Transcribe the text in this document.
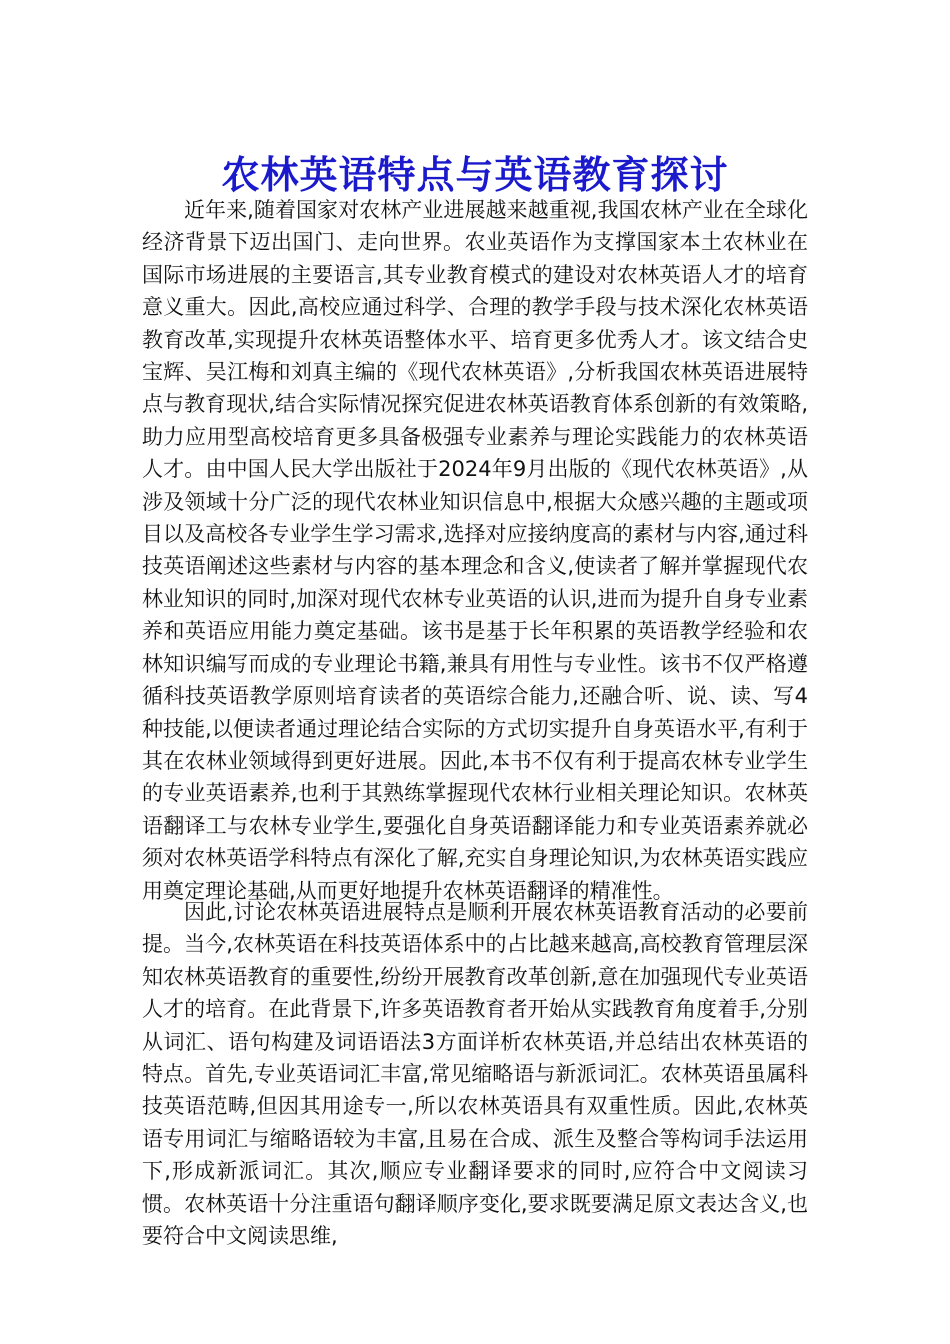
农林英语特点与英语教育探讨

近年来,随着国家对农林产业进展越来越重视,我国农林产业在全球化经济背景下迈出国门、走向世界。农业英语作为支撑国家本土农林业在国际市场进展的主要语言,其专业教育模式的建设对农林英语人才的培育意义重大。因此,高校应通过科学、合理的教学手段与技术深化农林英语教育改革,实现提升农林英语整体水平、培育更多优秀人才。该文结合史宝辉、吴江梅和刘真主编的《现代农林英语》,分析我国农林英语进展特点与教育现状,结合实际情况探究促进农林英语教育体系创新的有效策略,助力应用型高校培育更多具备极强专业素养与理论实践能力的农林英语人才。由中国人民大学出版社于2024年9月出版的《现代农林英语》,从涉及领域十分广泛的现代农林业知识信息中,根据大众感兴趣的主题或项目以及高校各专业学生学习需求,选择对应接纳度高的素材与内容,通过科技英语阐述这些素材与内容的基本理念和含义,使读者了解并掌握现代农林业知识的同时,加深对现代农林专业英语的认识,进而为提升自身专业素养和英语应用能力奠定基础。该书是基于长年积累的英语教学经验和农林知识编写而成的专业理论书籍,兼具有用性与专业性。该书不仅严格遵循科技英语教学原则培育读者的英语综合能力,还融合听、说、读、写4种技能,以便读者通过理论结合实际的方式切实提升自身英语水平,有利于其在农林业领域得到更好进展。因此,本书不仅有利于提高农林专业学生的专业英语素养,也利于其熟练掌握现代农林行业相关理论知识。农林英语翻译工与农林专业学生,要强化自身英语翻译能力和专业英语素养就必须对农林英语学科特点有深化了解,充实自身理论知识,为农林英语实践应用奠定理论基础,从而更好地提升农林英语翻译的精准性。

因此,讨论农林英语进展特点是顺利开展农林英语教育活动的必要前提。当今,农林英语在科技英语体系中的占比越来越高,高校教育管理层深知农林英语教育的重要性,纷纷开展教育改革创新,意在加强现代专业英语人才的培育。在此背景下,许多英语教育者开始从实践教育角度着手,分别从词汇、语句构建及词语语法3方面详析农林英语,并总结出农林英语的特点。首先,专业英语词汇丰富,常见缩略语与新派词汇。农林英语虽属科技英语范畴,但因其用途专一,所以农林英语具有双重性质。因此,农林英语专用词汇与缩略语较为丰富,且易在合成、派生及整合等构词手法运用下,形成新派词汇。其次,顺应专业翻译要求的同时,应符合中文阅读习惯。农林英语十分注重语句翻译顺序变化,要求既要满足原文表达含义,也要符合中文阅读思维,
